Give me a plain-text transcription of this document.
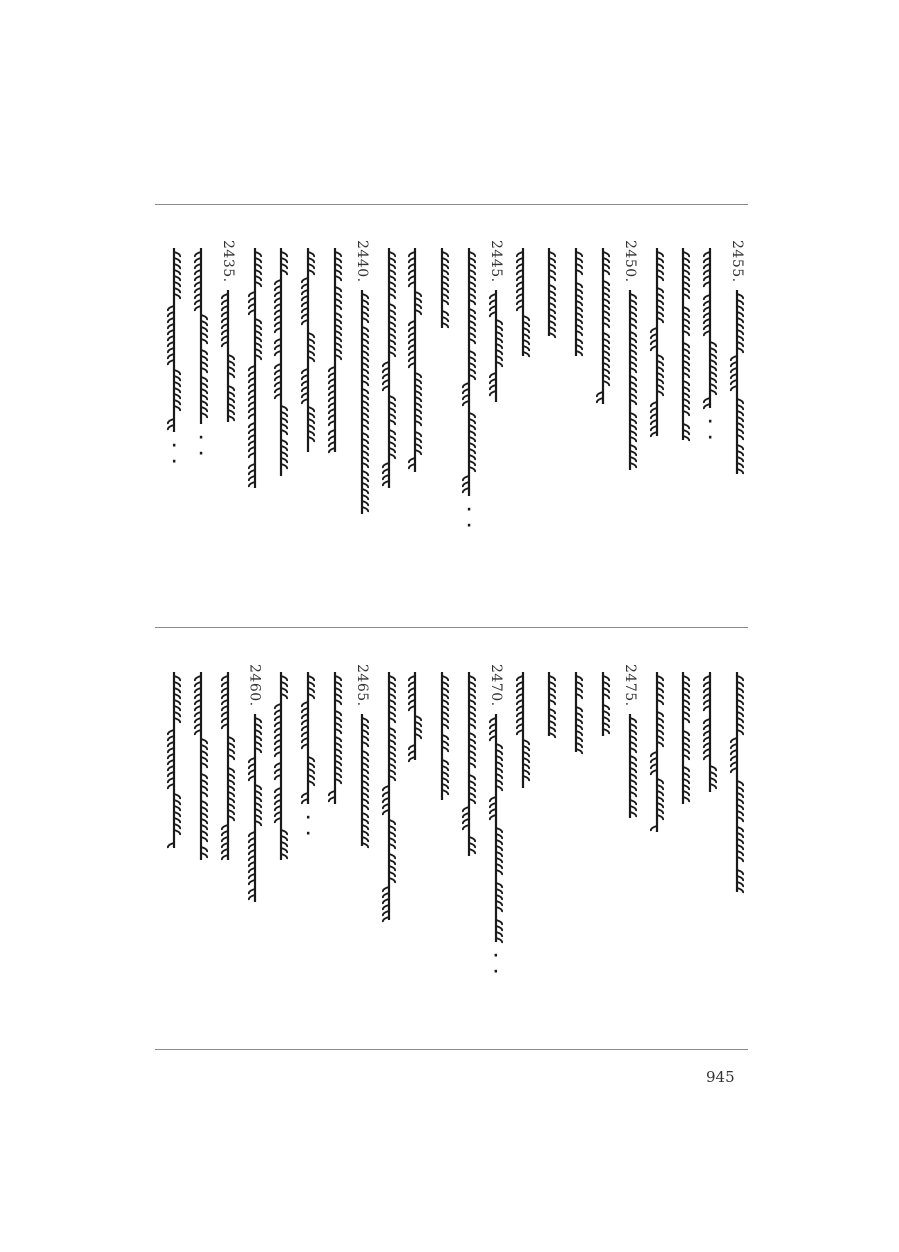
2455.
‧
‧
2450.
2445.
‧
‧
2440.
2435.
‧
‧
‧
‧
2475.
2470.
‧
‧
2465.
‧
‧
2460.
945
